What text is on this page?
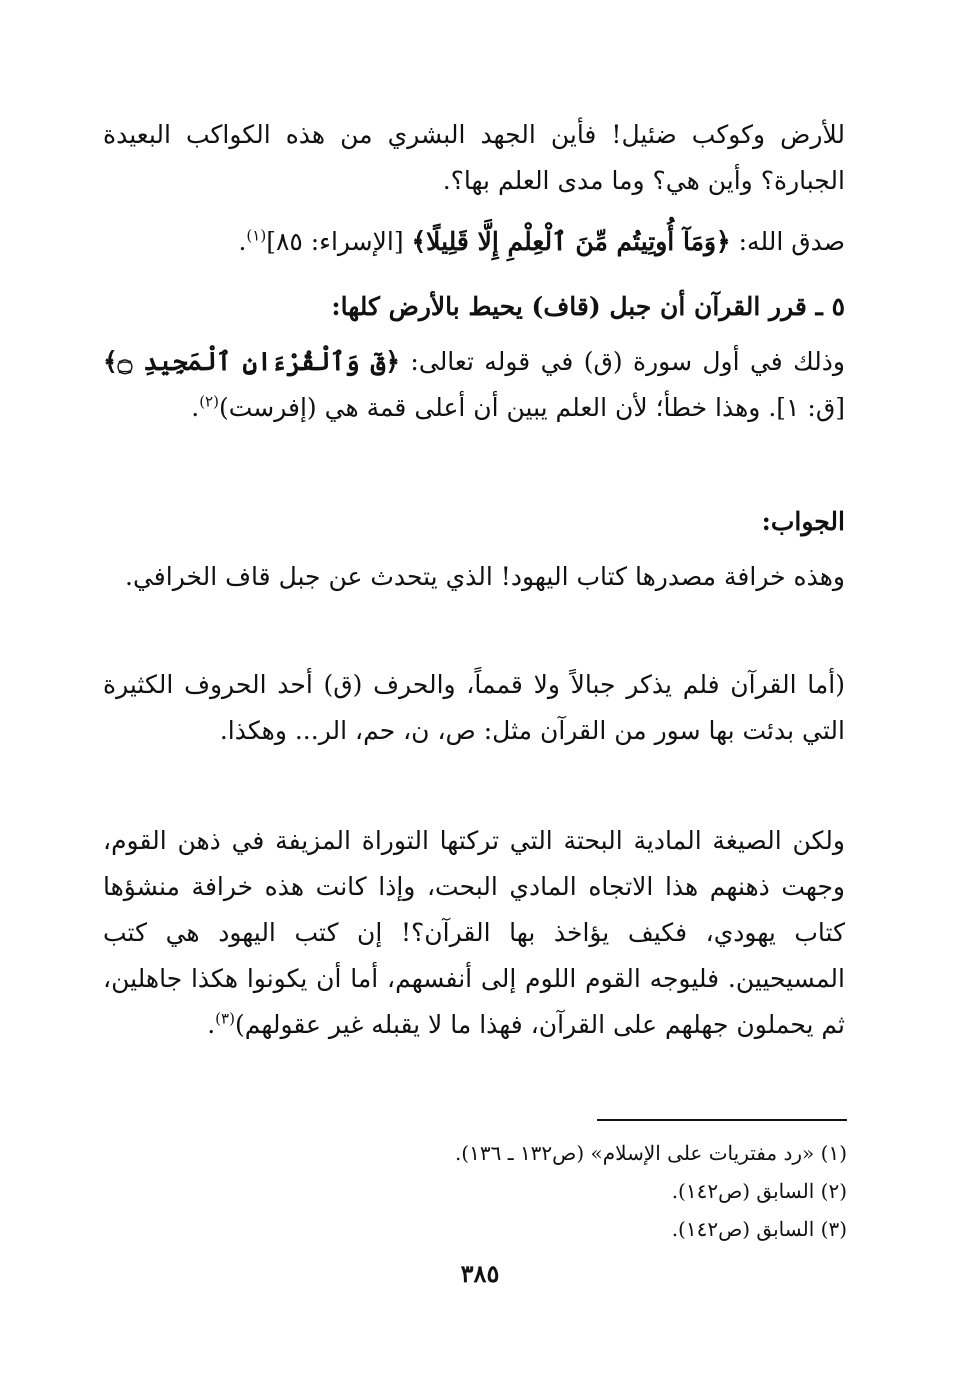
للأرض وكوكب ضئيل! فأين الجهد البشري من هذه الكواكب البعيدة الجبارة؟ وأين هي؟ وما مدى العلم بها؟.

صدق الله: ﴿وَمَآ أُوتِيتُم مِّنَ ٱلْعِلْمِ إِلَّا قَلِيلًا﴾ [الإسراء: ٨٥]$^{(١)}$.

٥ ـ قرر القرآن أن جبل (قاف) يحيط بالأرض كلها:

وذلك في أول سورة (ق) في قوله تعالى: ﴿قٓ وَٱلْقُرْءَانِ ٱلْمَجِيدِ ۝﴾ [ق: ١]. وهذا خطأ؛ لأن العلم يبين أن أعلى قمة هي (إفرست)$^{(٢)}$.

الجواب:

وهذه خرافة مصدرها كتاب اليهود! الذي يتحدث عن جبل قاف الخرافي.

(أما القرآن فلم يذكر جبالاً ولا قمماً، والحرف (ق) أحد الحروف الكثيرة التي بدئت بها سور من القرآن مثل: ص، ن، حم، الر... وهكذا.

ولكن الصيغة المادية البحتة التي تركتها التوراة المزيفة في ذهن القوم، وجهت ذهنهم هذا الاتجاه المادي البحت، وإذا كانت هذه خرافة منشؤها كتاب يهودي، فكيف يؤاخذ بها القرآن؟! إن كتب اليهود هي كتب المسيحيين. فليوجه القوم اللوم إلى أنفسهم، أما أن يكونوا هكذا جاهلين، ثم يحملون جهلهم على القرآن، فهذا ما لا يقبله غير عقولهم)$^{(٣)}$.

(١) «رد مفتريات على الإسلام» (ص١٣٢ ـ ١٣٦).

(٢) السابق (ص١٤٢).

(٣) السابق (ص١٤٢).

٣٨٥
